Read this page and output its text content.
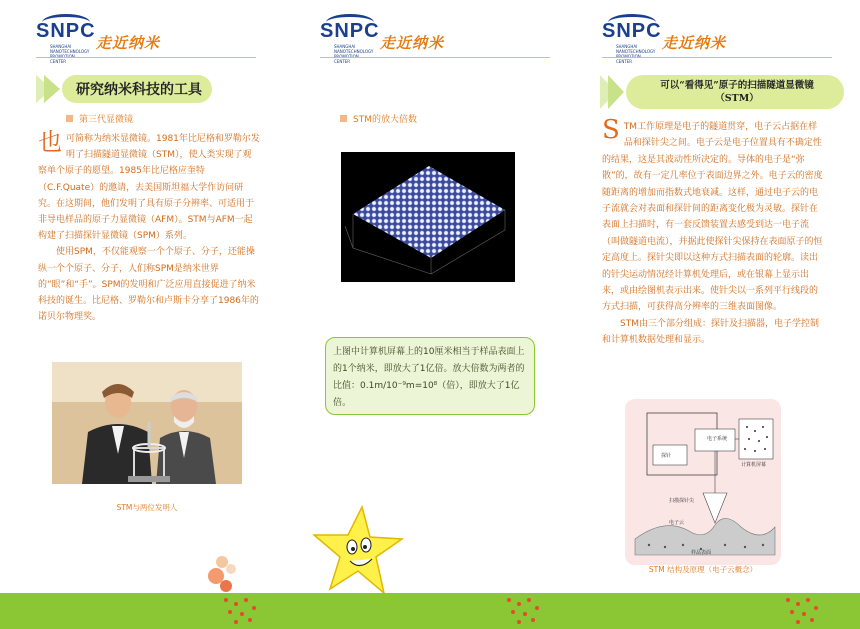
SNPC
SHANGHAI NANOTECHNOLOGY CENTER
走近纳米
研究纳米科技的工具
第三代显微镜
也 可简称为纳米显微镜。1981年比尼格和罗勒尔发明了扫描隧道显微镜（STM），使人类实现了观察单个原子的愿望。1985年比尼格应奎特（C.F.Quate）的邀请，去美国斯坦福大学作访问研究。在这期间，他们发明了具有原子分辨率、可适用于非导电样品的原子力显微镜（AFM）。STM与AFM一起构建了扫描探针显微镜（SPM）系列。

使用SPM，不仅能观察一个个原子、分子，还能操纵一个个原子、分子，人们称SPM是纳米世界的“眼”和“手”。SPM的发明和广泛应用直接促进了纳米科技的诞生。比尼格、罗勒尔和卢斯卡分享了1986年的诺贝尔物理奖。

STM与两位发明人
SNPC
SHANGHAI NANOTECHNOLOGY CENTER
走近纳米
STM的放大倍数
上图中计算机屏幕上的10厘米相当于样品表面上的1个纳米，即放大了1亿倍。放大倍数为两者的比值：0.1m/10⁻⁹m=10⁸（倍），即放大了1亿倍。
SNPC
SHANGHAI NANOTECHNOLOGY CENTER
走近纳米
可以“看得见”原子的扫描隧道显微镜
（STM）
S TM工作原理是电子的隧道贯穿，电子云占据在样品和探针尖之间。电子云是电子位置具有不确定性的结果，这是其波动性所决定的。导体的电子是“弥散”的，故有一定几率位于表面边界之外。电子云的密度随距离的增加而指数式地衰减。这样，通过电子云的电子流就会对表面和探针间的距离变化极为灵敏。探针在表面上扫描时，有一套反馈装置去感受到达一电子流（叫做隧道电流），并据此使探针尖保持在表面原子的恒定高度上。探针尖即以这种方式扫描表面的轮廓。读出的针尖运动情况经计算机处理后，或在银幕上显示出来，或由绘图机表示出来。使针尖以一系列平行线段的方式扫描，可获得高分辨率的三维表面图像。

STM由三个部分组成：探针及扫描器，电子学控制和计算机数据处理和显示。

电子系统
探针
计算机屏幕
扫描探针尖
电子云
样品表面
STM 结构及原理（电子云概念）
